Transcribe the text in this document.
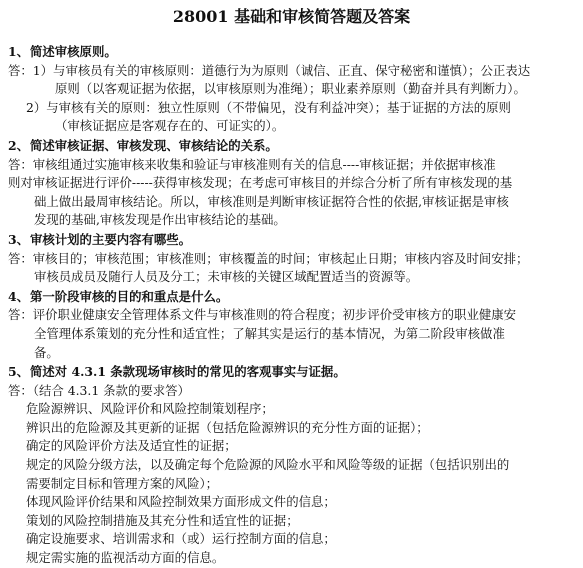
28001 基础和审核简答题及答案
1、简述审核原则。
答：1）与审核员有关的审核原则：道德行为为原则（诚信、正直、保守秘密和谨慎）；公正表达
原则（以客观证据为依据，以审核原则为准绳）；职业素养原则（勤奋并具有判断力）。
2）与审核有关的原则：独立性原则（不带偏见，没有利益冲突）；基于证据的方法的原则
（审核证据应是客观存在的、可证实的）。
2、简述审核证据、审核发现、审核结论的关系。
答：审核组通过实施审核来收集和验证与审核准则有关的信息----审核证据；并依据审核准
则对审核证据进行评价-----获得审核发现；在考虑可审核目的并综合分析了所有审核发现的基
础上做出最周审核结论。所以，审核准则是判断审核证据符合性的依据,审核证据是审核
发现的基础,审核发现是作出审核结论的基础。
3、审核计划的主要内容有哪些。
答：审核目的；审核范围；审核准则；审核覆盖的时间；审核起止日期；审核内容及时间安排；
审核员成员及随行人员及分工；未审核的关键区域配置适当的资源等。
4、第一阶段审核的目的和重点是什么。
答：评价职业健康安全管理体系文件与审核准则的符合程度；初步评价受审核方的职业健康安
全管理体系策划的充分性和适宜性；了解其实是运行的基本情况，为第二阶段审核做准
备。
5、简述对 4.3.1 条款现场审核时的常见的客观事实与证据。
答：（结合 4.3.1 条款的要求答）
危险源辨识、风险评价和风险控制策划程序；
辨识出的危险源及其更新的证据（包括危险源辨识的充分性方面的证据）；
确定的风险评价方法及适宜性的证据；
规定的风险分级方法，以及确定每个危险源的风险水平和风险等级的证据（包括识别出的
需要制定目标和管理方案的风险）；
体现风险评价结果和风险控制效果方面形成文件的信息；
策划的风险控制措施及其充分性和适宜性的证据；
确定设施要求、培训需求和（或）运行控制方面的信息；
规定需实施的监视活动方面的信息。
